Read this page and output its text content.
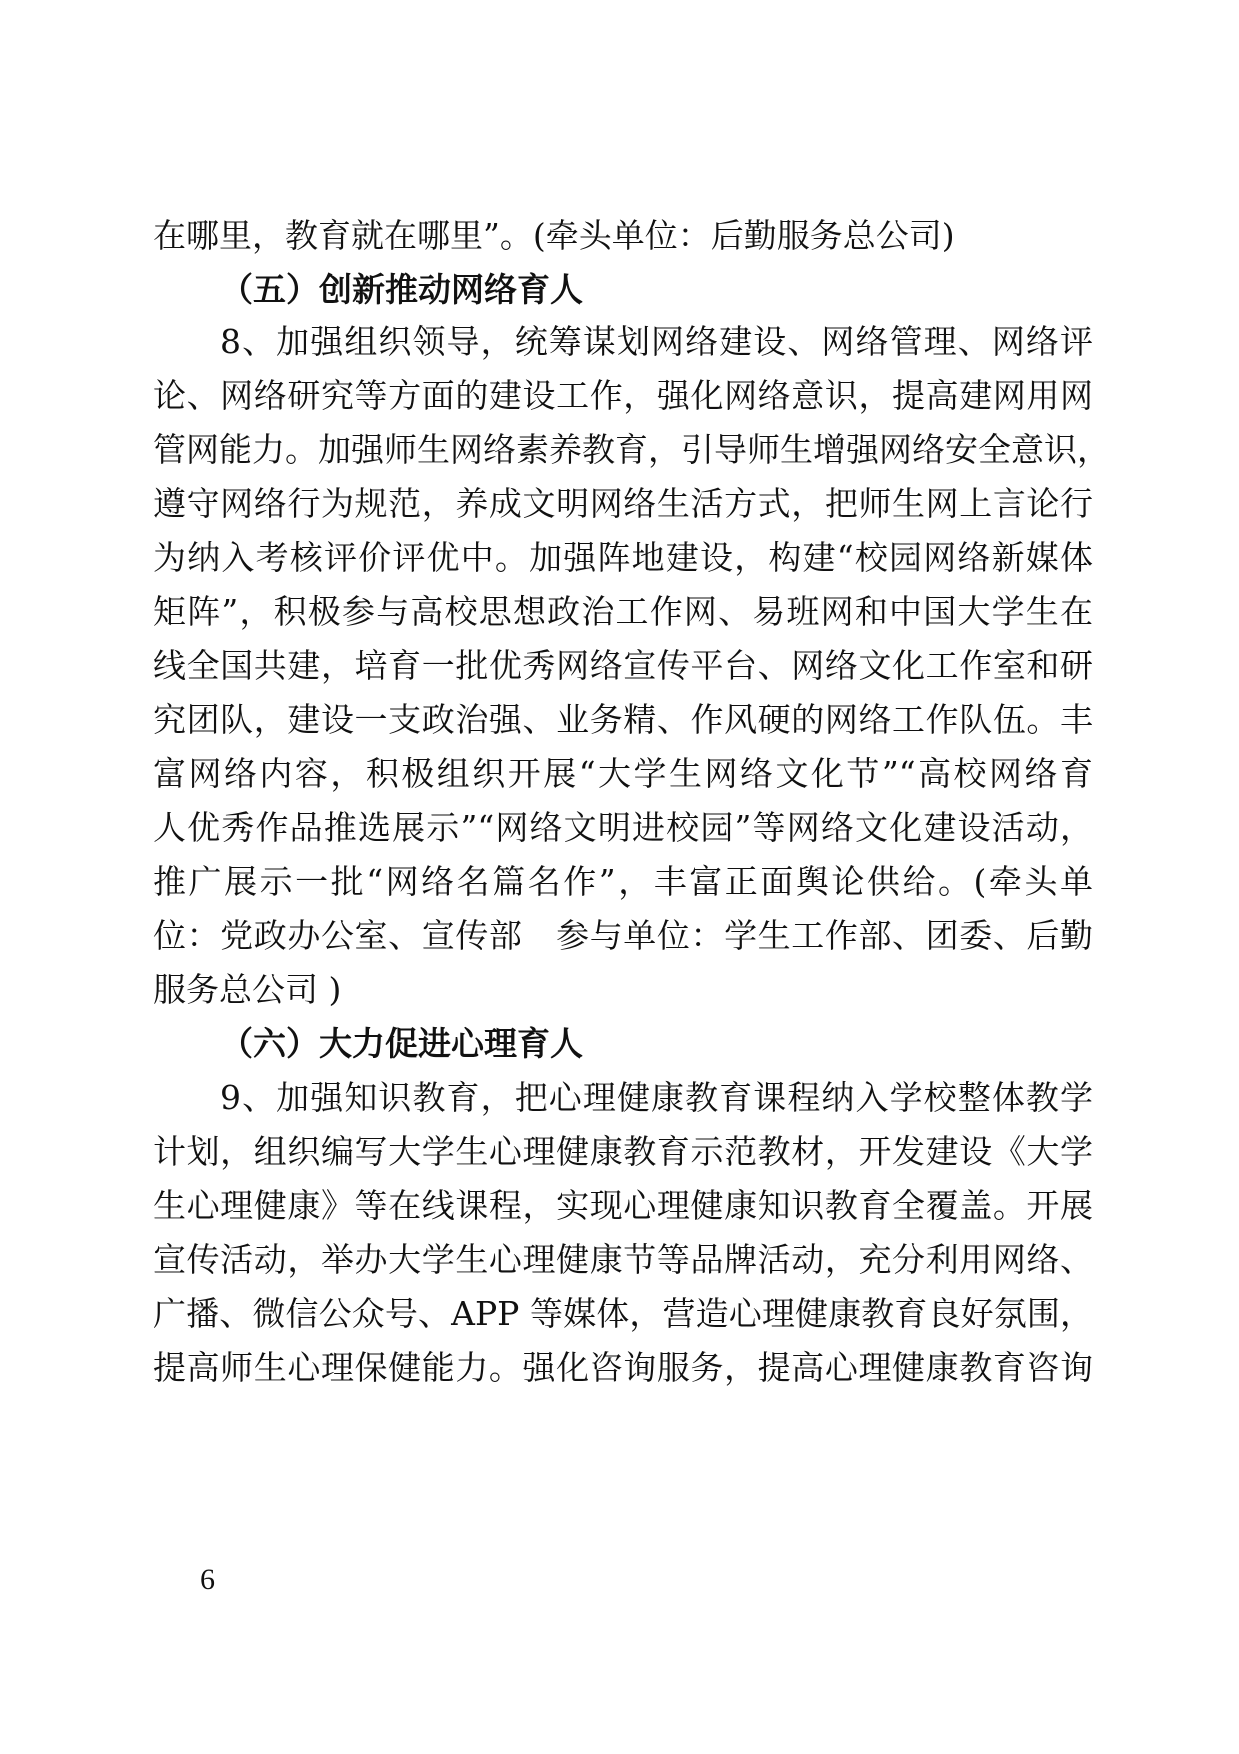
在哪里，教育就在哪里”。(牵头单位：后勤服务总公司)
（五）创新推动网络育人
8、加强组织领导，统筹谋划网络建设、网络管理、网络评
论、网络研究等方面的建设工作，强化网络意识，提高建网用网
管网能力。加强师生网络素养教育，引导师生增强网络安全意识，
遵守网络行为规范，养成文明网络生活方式，把师生网上言论行
为纳入考核评价评优中。加强阵地建设，构建“校园网络新媒体
矩阵”，积极参与高校思想政治工作网、易班网和中国大学生在
线全国共建，培育一批优秀网络宣传平台、网络文化工作室和研
究团队，建设一支政治强、业务精、作风硬的网络工作队伍。丰
富网络内容，积极组织开展“大学生网络文化节”“高校网络育
人优秀作品推选展示”“网络文明进校园”等网络文化建设活动，
推广展示一批“网络名篇名作”，丰富正面舆论供给。(牵头单
位：党政办公室、宣传部　参与单位：学生工作部、团委、后勤
服务总公司 )
（六）大力促进心理育人
9、加强知识教育，把心理健康教育课程纳入学校整体教学
计划，组织编写大学生心理健康教育示范教材，开发建设《大学
生心理健康》等在线课程，实现心理健康知识教育全覆盖。开展
宣传活动，举办大学生心理健康节等品牌活动，充分利用网络、
广播、微信公众号、APP 等媒体，营造心理健康教育良好氛围，
提高师生心理保健能力。强化咨询服务，提高心理健康教育咨询
6
